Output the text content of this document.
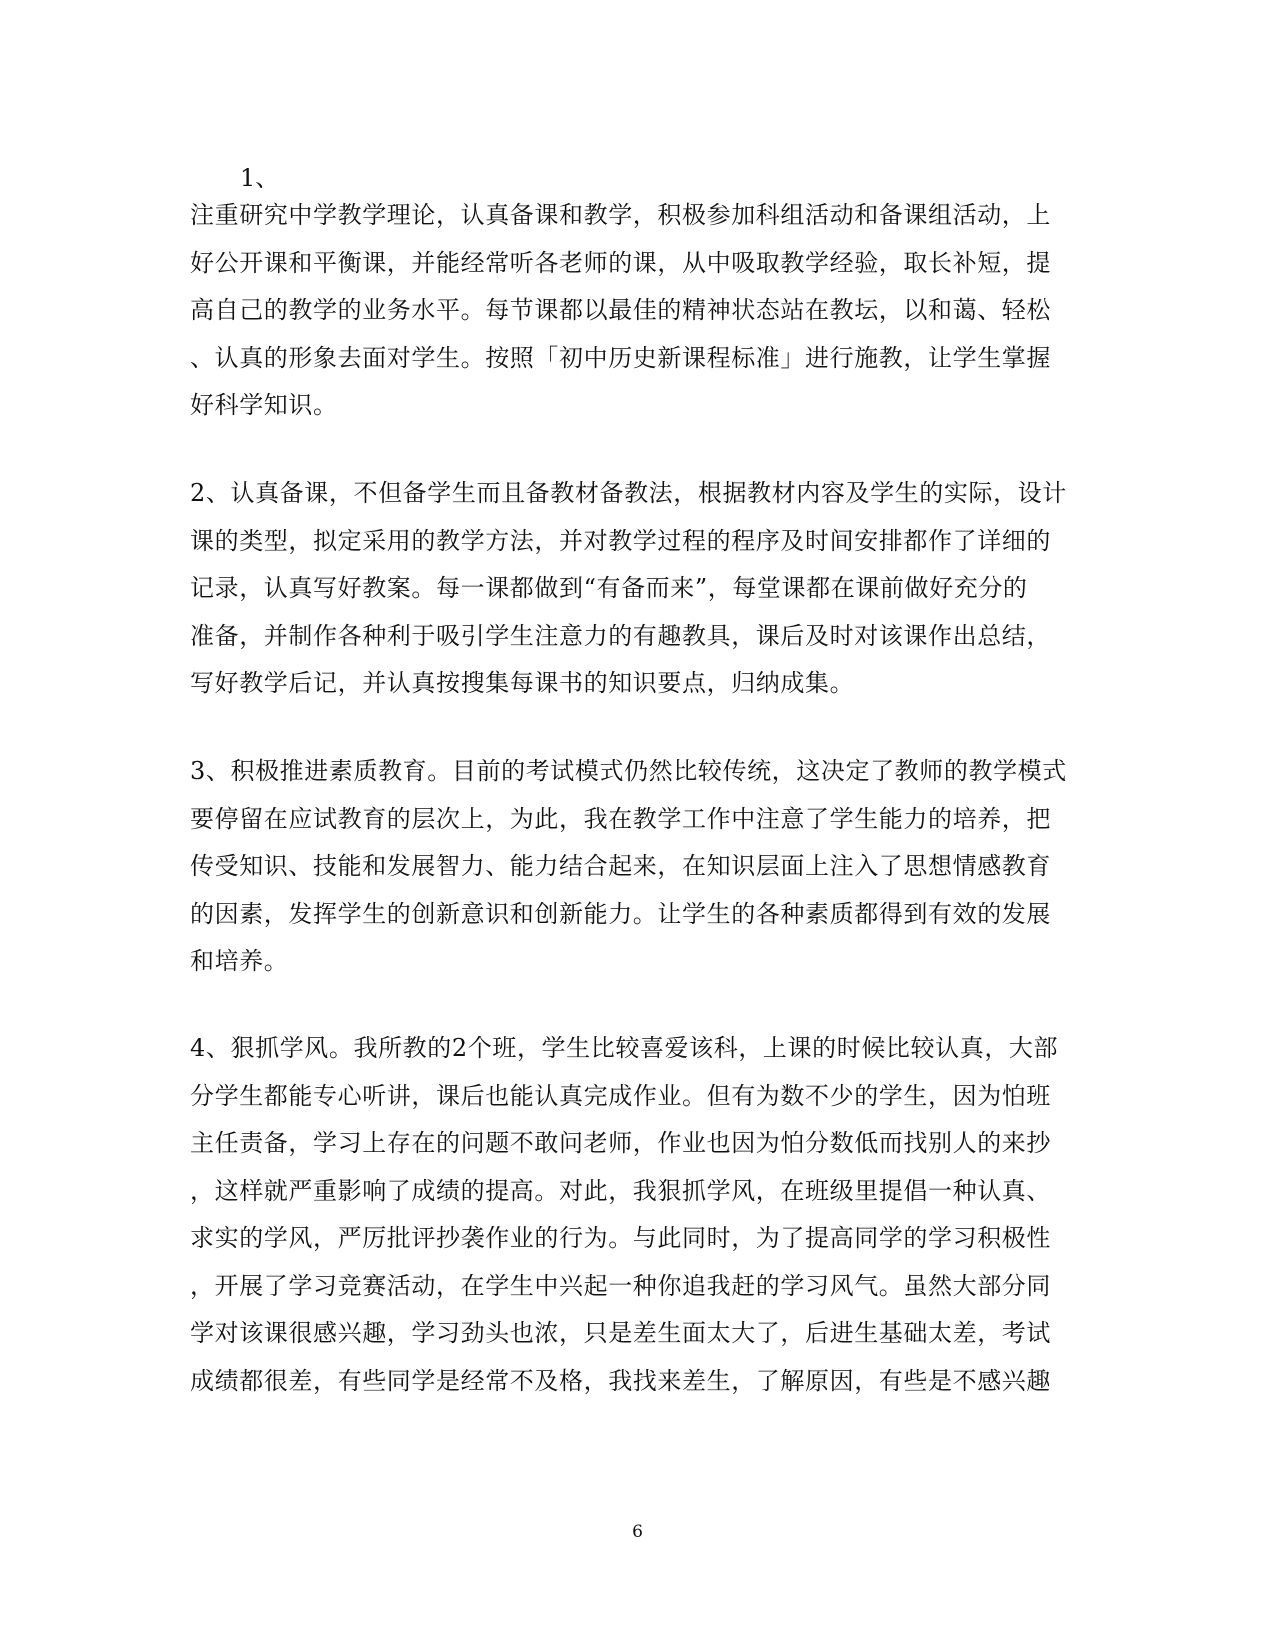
1、
注重研究中学教学理论，认真备课和教学，积极参加科组活动和备课组活动，上
好公开课和平衡课，并能经常听各老师的课，从中吸取教学经验，取长补短，提
高自己的教学的业务水平。每节课都以最佳的精神状态站在教坛，以和蔼、轻松
、认真的形象去面对学生。按照「初中历史新课程标准」进行施教，让学生掌握
好科学知识。
2、认真备课，不但备学生而且备教材备教法，根据教材内容及学生的实际，设计
课的类型，拟定采用的教学方法，并对教学过程的程序及时间安排都作了详细的
记录，认真写好教案。每一课都做到“有备而来”，每堂课都在课前做好充分的
准备，并制作各种利于吸引学生注意力的有趣教具，课后及时对该课作出总结，
写好教学后记，并认真按搜集每课书的知识要点，归纳成集。
3、积极推进素质教育。目前的考试模式仍然比较传统，这决定了教师的教学模式
要停留在应试教育的层次上，为此，我在教学工作中注意了学生能力的培养，把
传受知识、技能和发展智力、能力结合起来，在知识层面上注入了思想情感教育
的因素，发挥学生的创新意识和创新能力。让学生的各种素质都得到有效的发展
和培养。
4、狠抓学风。我所教的2个班，学生比较喜爱该科，上课的时候比较认真，大部
分学生都能专心听讲，课后也能认真完成作业。但有为数不少的学生，因为怕班
主任责备，学习上存在的问题不敢问老师，作业也因为怕分数低而找别人的来抄
，这样就严重影响了成绩的提高。对此，我狠抓学风，在班级里提倡一种认真、
求实的学风，严厉批评抄袭作业的行为。与此同时，为了提高同学的学习积极性
，开展了学习竞赛活动，在学生中兴起一种你追我赶的学习风气。虽然大部分同
学对该课很感兴趣，学习劲头也浓，只是差生面太大了，后进生基础太差，考试
成绩都很差，有些同学是经常不及格，我找来差生，了解原因，有些是不感兴趣
6
